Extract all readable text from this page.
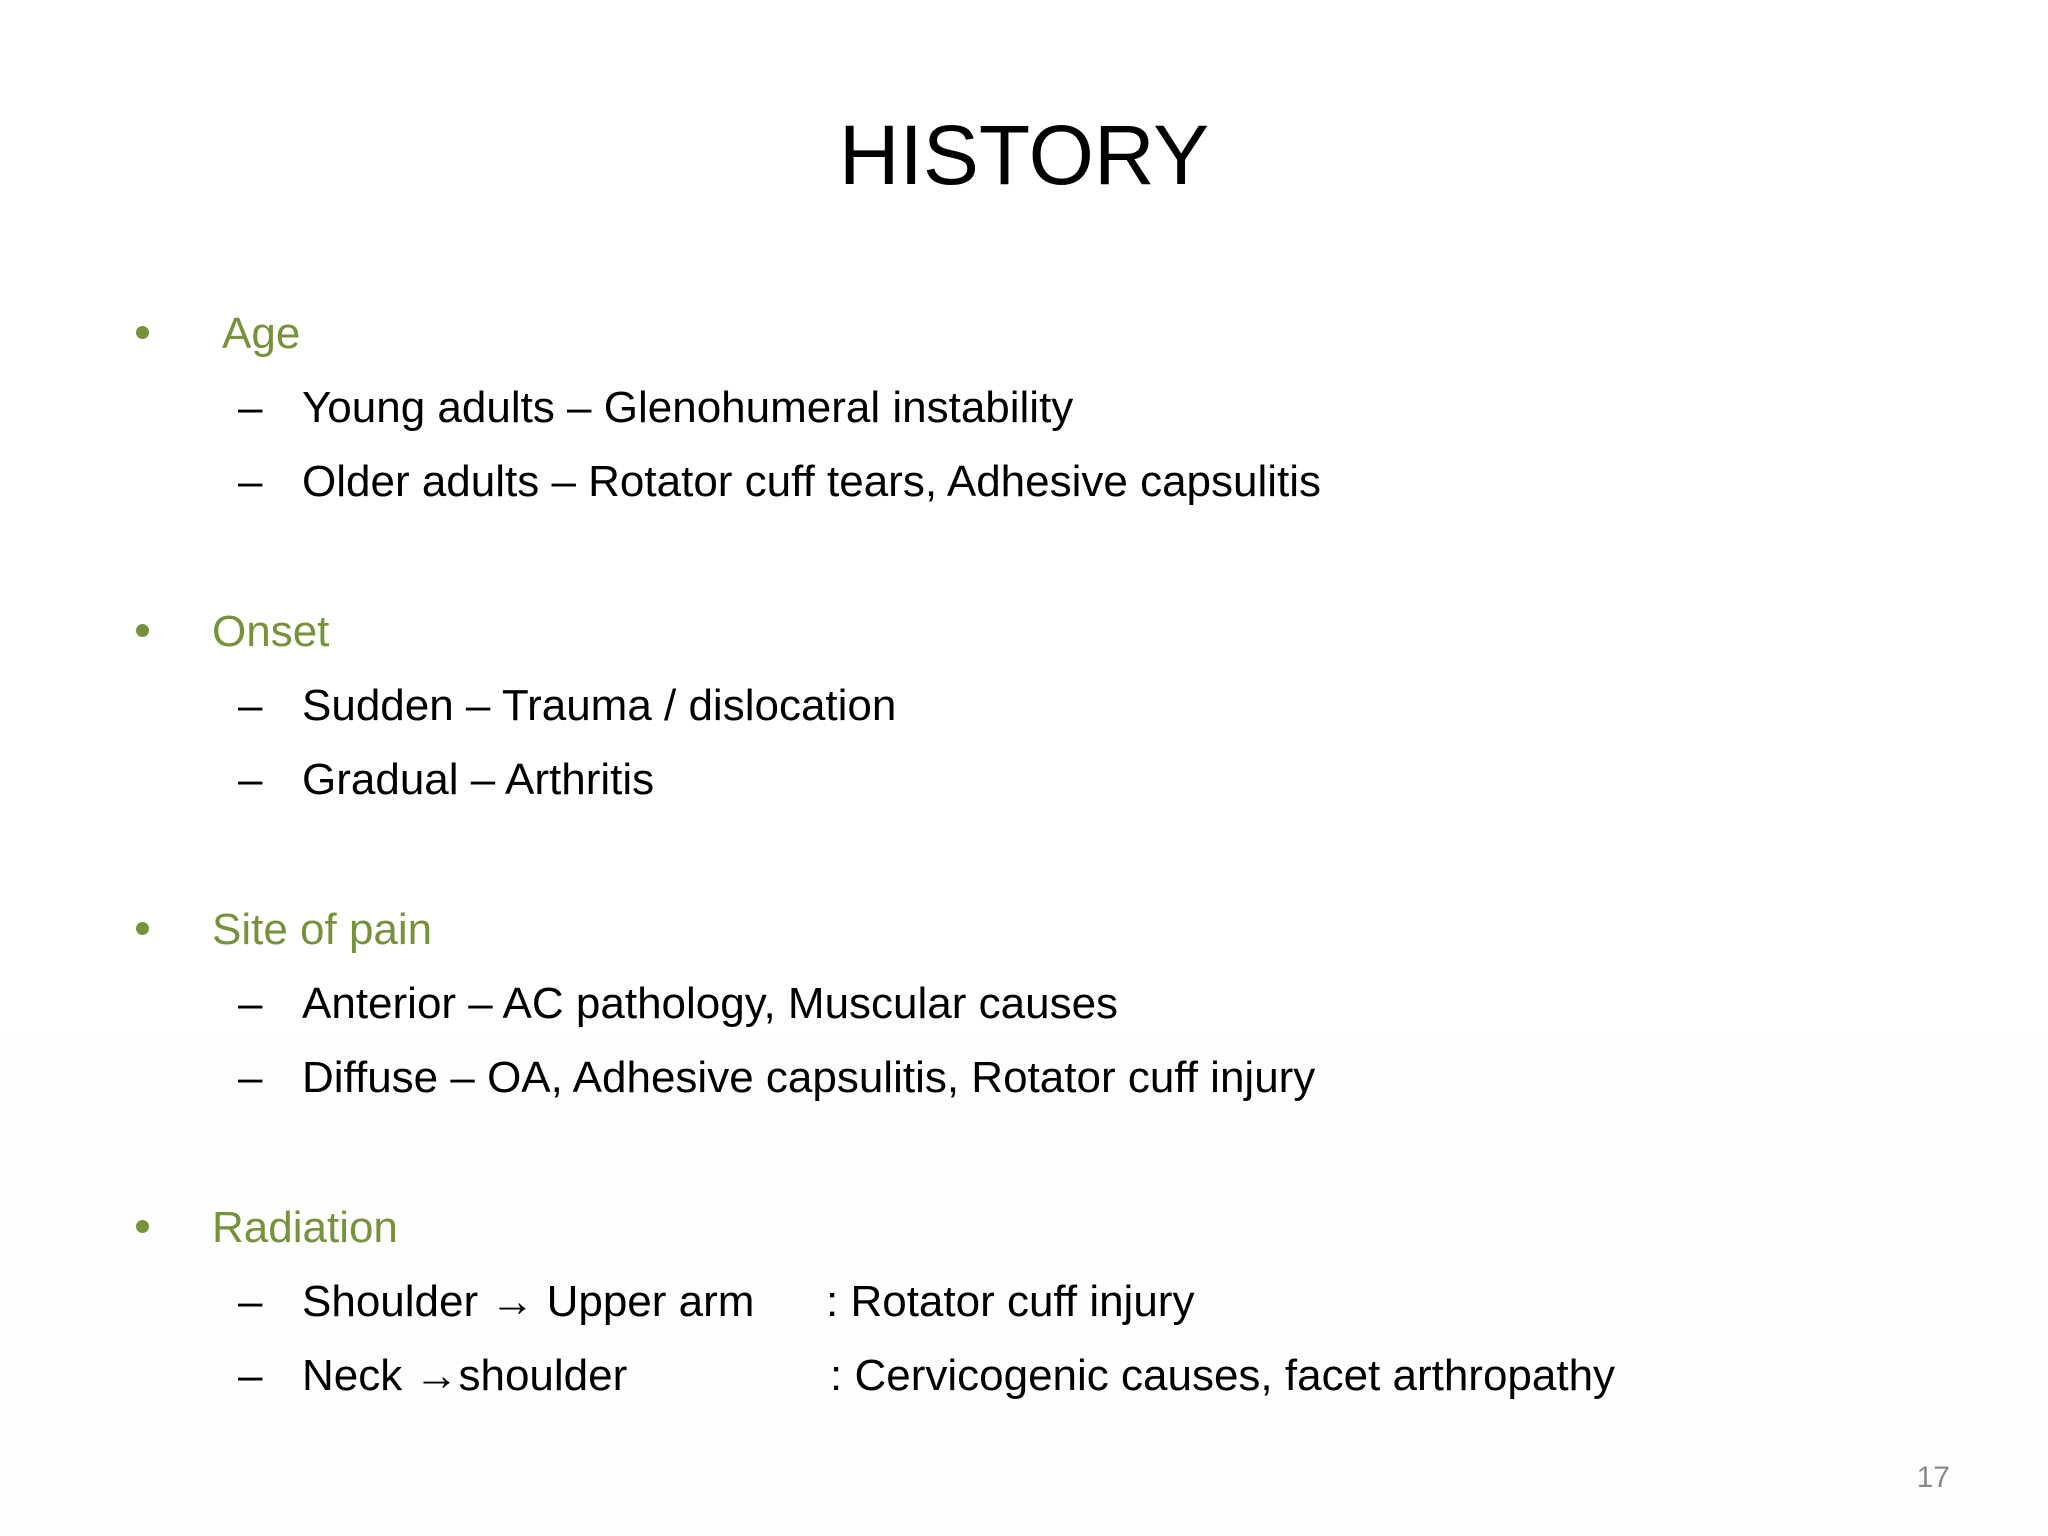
HISTORY
Age
– Young adults – Glenohumeral instability
– Older adults – Rotator cuff tears, Adhesive capsulitis
Onset
– Sudden – Trauma / dislocation
– Gradual – Arthritis
Site of pain
– Anterior – AC pathology, Muscular causes
– Diffuse – OA, Adhesive capsulitis, Rotator cuff injury
Radiation
– Shoulder → Upper arm : Rotator cuff injury
– Neck →shoulder	: Cervicogenic causes, facet arthropathy
17
